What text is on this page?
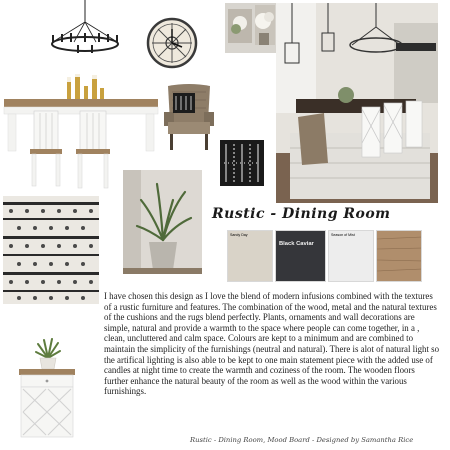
Rustic - Dining Room
Sandy Day
Black Caviar
Season of Mist
I have chosen this design as I love the blend of modern infusions combined with the textures of a rustic furniture and features. The combination of the wood, metal and the natural textures of the cushions and the rugs blend perfectly. Plants, ornaments and wall decorations are simple, natural and provide a warmth to the space where people can come together, in a , clean, uncluttered and calm space. Colours are kept to a minimum and are combined to maintain the simplicity of the furnishings (neutral and natural). There is alot of natural light so the artifical lighting is also able to be kept to one main statement piece with the added use of candles at night time to create the warmth and coziness of the room. The wooden floors further enhance the natural beauty of the room as well as the wood within the various furnishings.
Rustic - Dining Room, Mood Board - Designed by Samantha Rice
